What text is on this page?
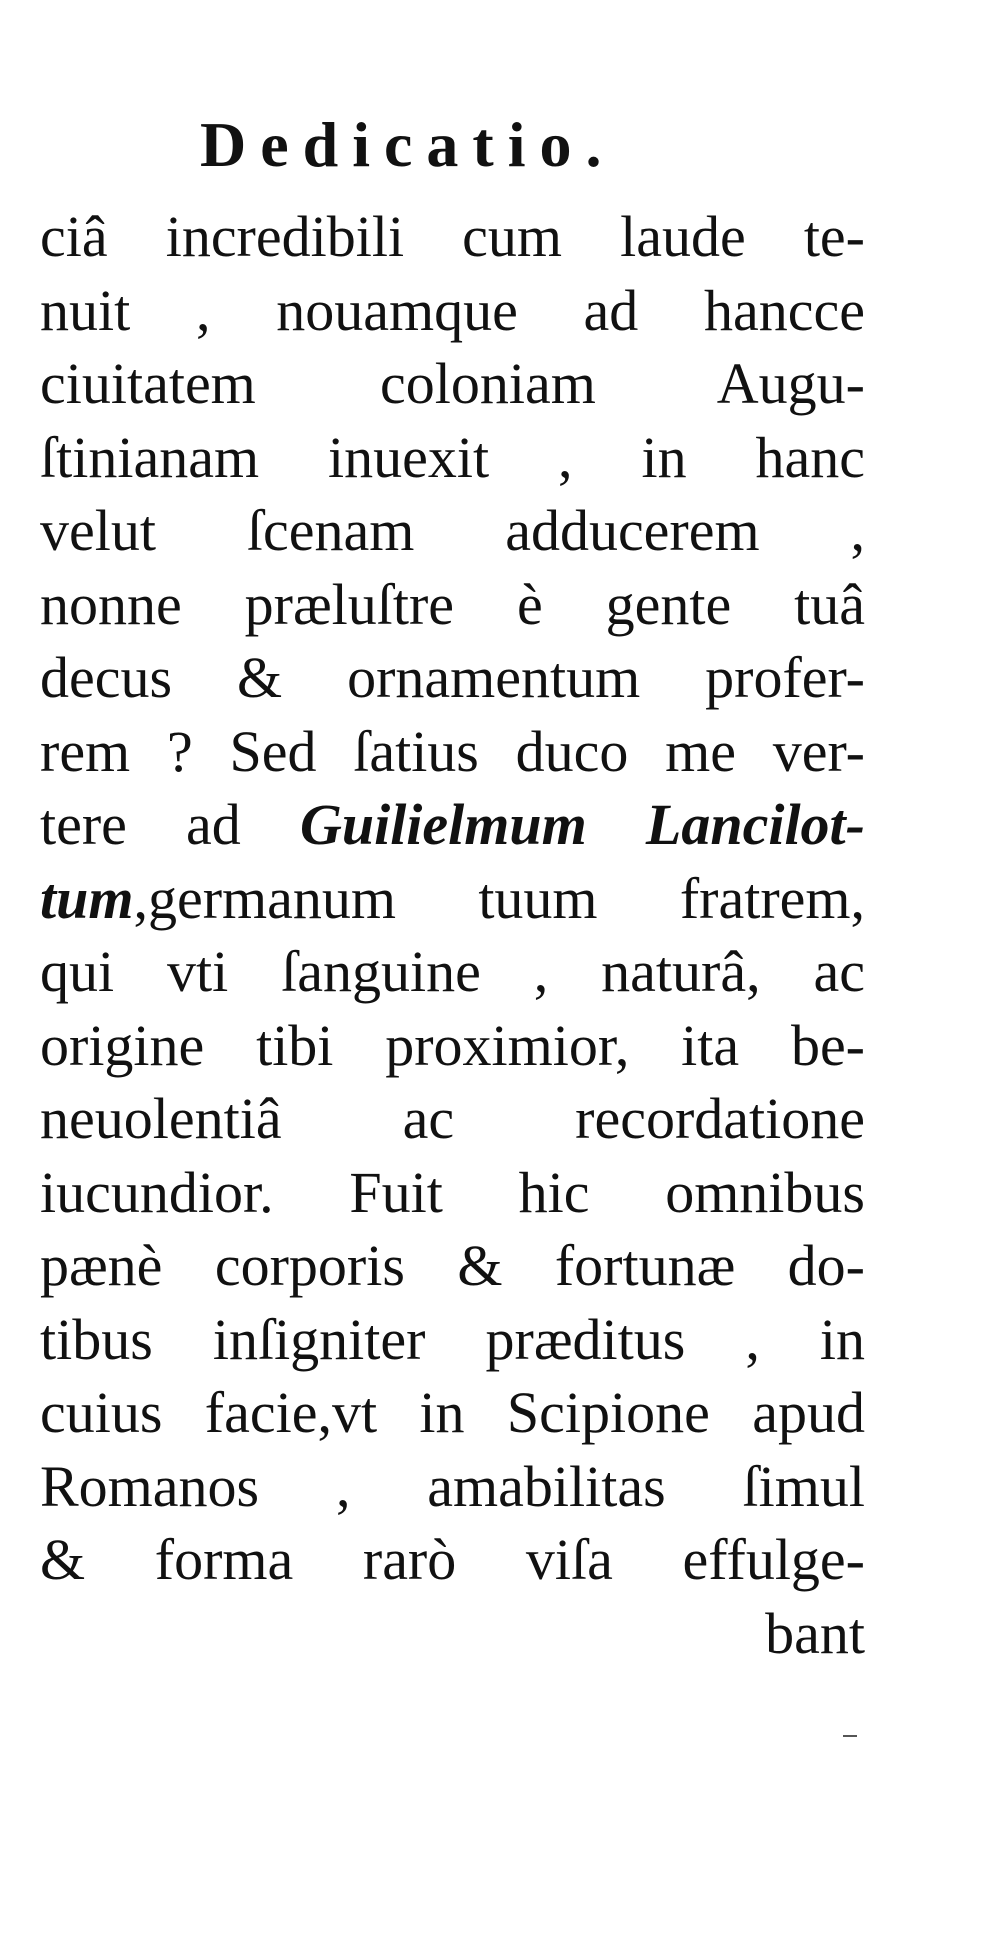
Dedicatio.
ciâ incredibili cum laude te-
nuit , nouamque ad hancce
ciuitatem coloniam Augu-
ſtinianam inuexit , in hanc
velut ſcenam adducerem ,
nonne præluſtre è gente tuâ
decus & ornamentum profer-
rem ? Sed ſatius duco me ver-
tere ad Guilielmum Lancilot-
tum,germanum tuum fratrem,
qui vti ſanguine , naturâ, ac
origine tibi proximior, ita be-
neuolentiâ ac recordatione
iucundior. Fuit hic omnibus
pænè corporis & fortunæ do-
tibus inſigniter præditus , in
cuius facie,vt in Scipione apud
Romanos , amabilitas ſimul
& forma rarò viſa effulge-
bant
